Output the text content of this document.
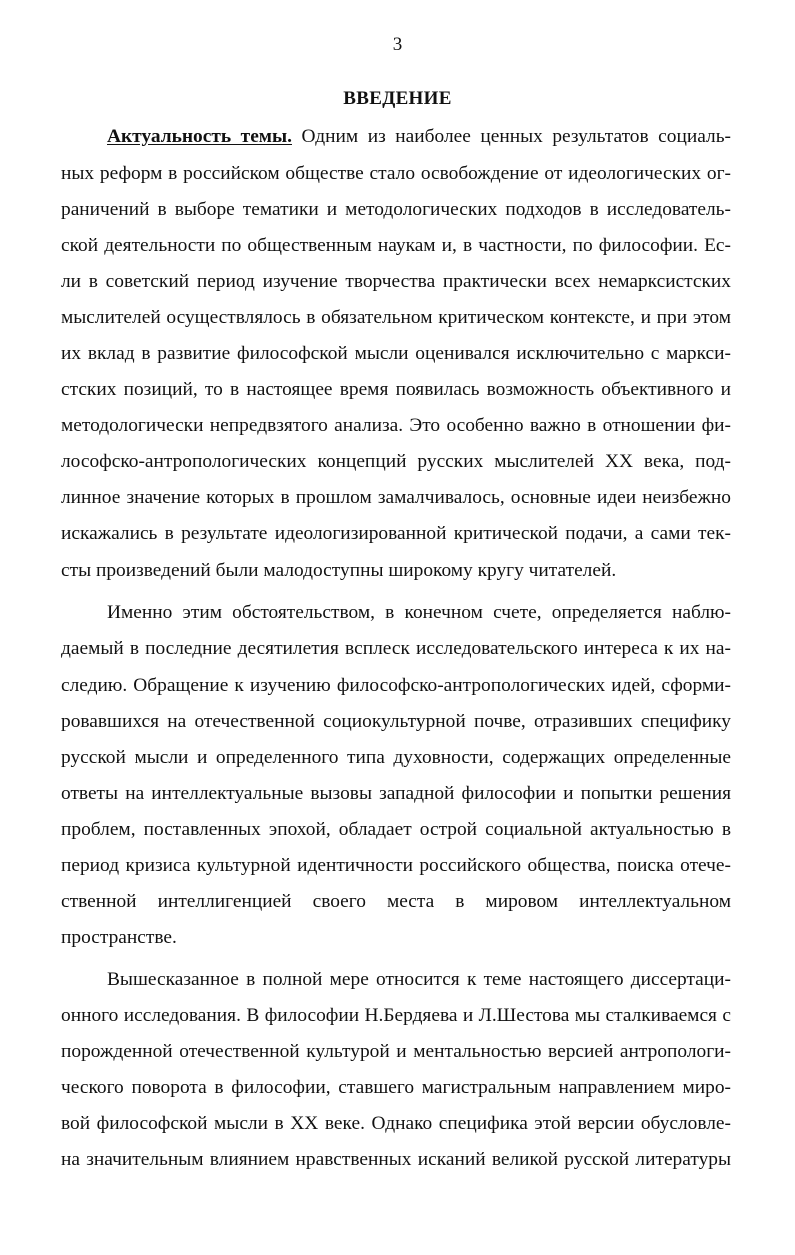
3
ВВЕДЕНИЕ
Актуальность темы. Одним из наиболее ценных результатов социаль-
ных реформ в российском обществе стало освобождение от идеологических ог-
раничений в выборе тематики и методологических подходов в исследователь-
ской деятельности по общественным наукам и, в частности, по философии. Ес-
ли в советский период изучение творчества практически всех немарксистских
мыслителей осуществлялось в обязательном критическом контексте, и при этом
их вклад в развитие философской мысли оценивался исключительно с маркси-
стских позиций, то в настоящее время появилась возможность объективного и
методологически непредвзятого анализа. Это особенно важно в отношении фи-
лософско-антропологических концепций русских мыслителей XX века, под-
линное значение которых в прошлом замалчивалось, основные идеи неизбежно
искажались в результате идеологизированной критической подачи, а сами тек-
сты произведений были малодоступны широкому кругу читателей.
Именно этим обстоятельством, в конечном счете, определяется наблю-
даемый в последние десятилетия всплеск исследовательского интереса к их на-
следию. Обращение к изучению философско-антропологических идей, сформи-
ровавшихся на отечественной социокультурной почве, отразивших специфику
русской мысли и определенного типа духовности, содержащих определенные
ответы на интеллектуальные вызовы западной философии и попытки решения
проблем, поставленных эпохой, обладает острой социальной актуальностью в
период кризиса культурной идентичности российского общества, поиска отече-
ственной интеллигенцией своего места в мировом интеллектуальном
пространстве.
Вышесказанное в полной мере относится к теме настоящего диссертаци-
онного исследования. В философии Н.Бердяева и Л.Шестова мы сталкиваемся с
порожденной отечественной культурой и ментальностью версией антропологи-
ческого поворота в философии, ставшего магистральным направлением миро-
вой философской мысли в XX веке. Однако специфика этой версии обусловле-
на значительным влиянием нравственных исканий великой русской литературы
